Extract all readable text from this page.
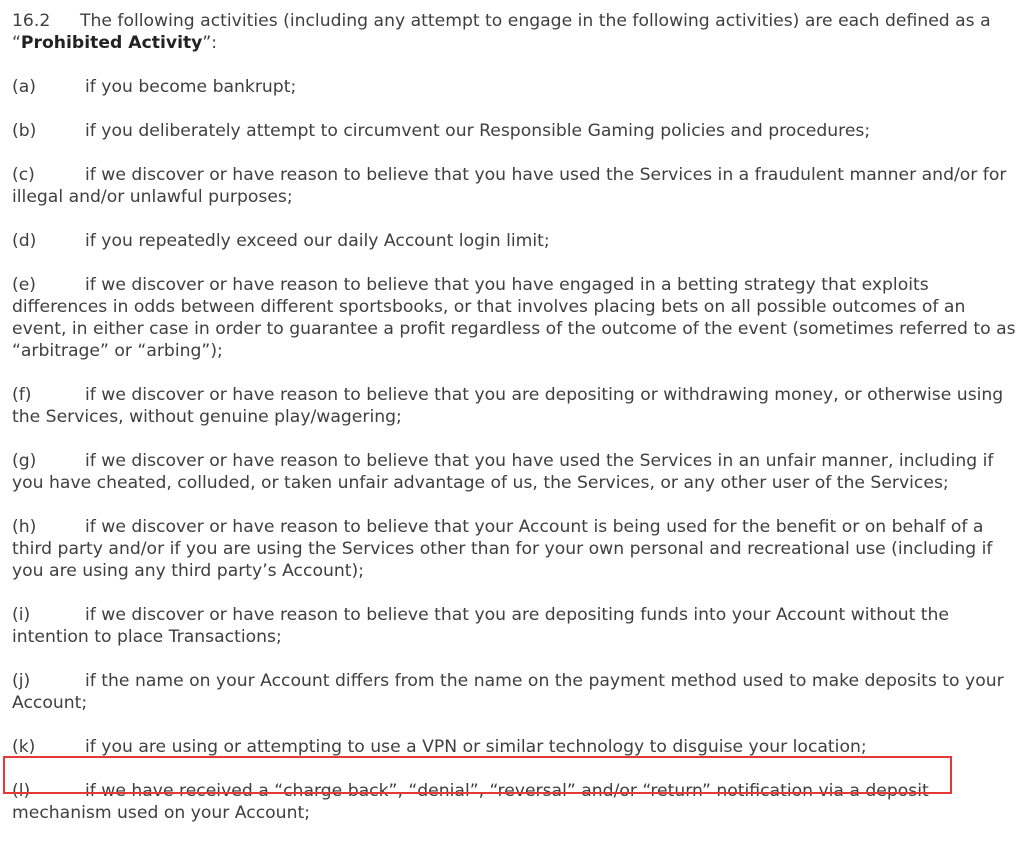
16.2 The following activities (including any attempt to engage in the following activities) are each defined as a “Prohibited Activity”:

(a)	if you become bankrupt;

(b)	if you deliberately attempt to circumvent our Responsible Gaming policies and procedures;

(c)	if we discover or have reason to believe that you have used the Services in a fraudulent manner and/or for illegal and/or unlawful purposes;

(d)	if you repeatedly exceed our daily Account login limit;

(e)	if we discover or have reason to believe that you have engaged in a betting strategy that exploits differences in odds between different sportsbooks, or that involves placing bets on all possible outcomes of an event, in either case in order to guarantee a profit regardless of the outcome of the event (sometimes referred to as “arbitrage” or “arbing”);

(f)	if we discover or have reason to believe that you are depositing or withdrawing money, or otherwise using the Services, without genuine play/wagering;

(g)	if we discover or have reason to believe that you have used the Services in an unfair manner, including if you have cheated, colluded, or taken unfair advantage of us, the Services, or any other user of the Services;

(h)	if we discover or have reason to believe that your Account is being used for the benefit or on behalf of a third party and/or if you are using the Services other than for your own personal and recreational use (including if you are using any third party’s Account);

(i)	if we discover or have reason to believe that you are depositing funds into your Account without the intention to place Transactions;

(j)	if the name on your Account differs from the name on the payment method used to make deposits to your Account;

(k)	if you are using or attempting to use a VPN or similar technology to disguise your location;

(l)	if we have received a “charge back”, “denial”, “reversal” and/or “return” notification via a deposit mechanism used on your Account;
